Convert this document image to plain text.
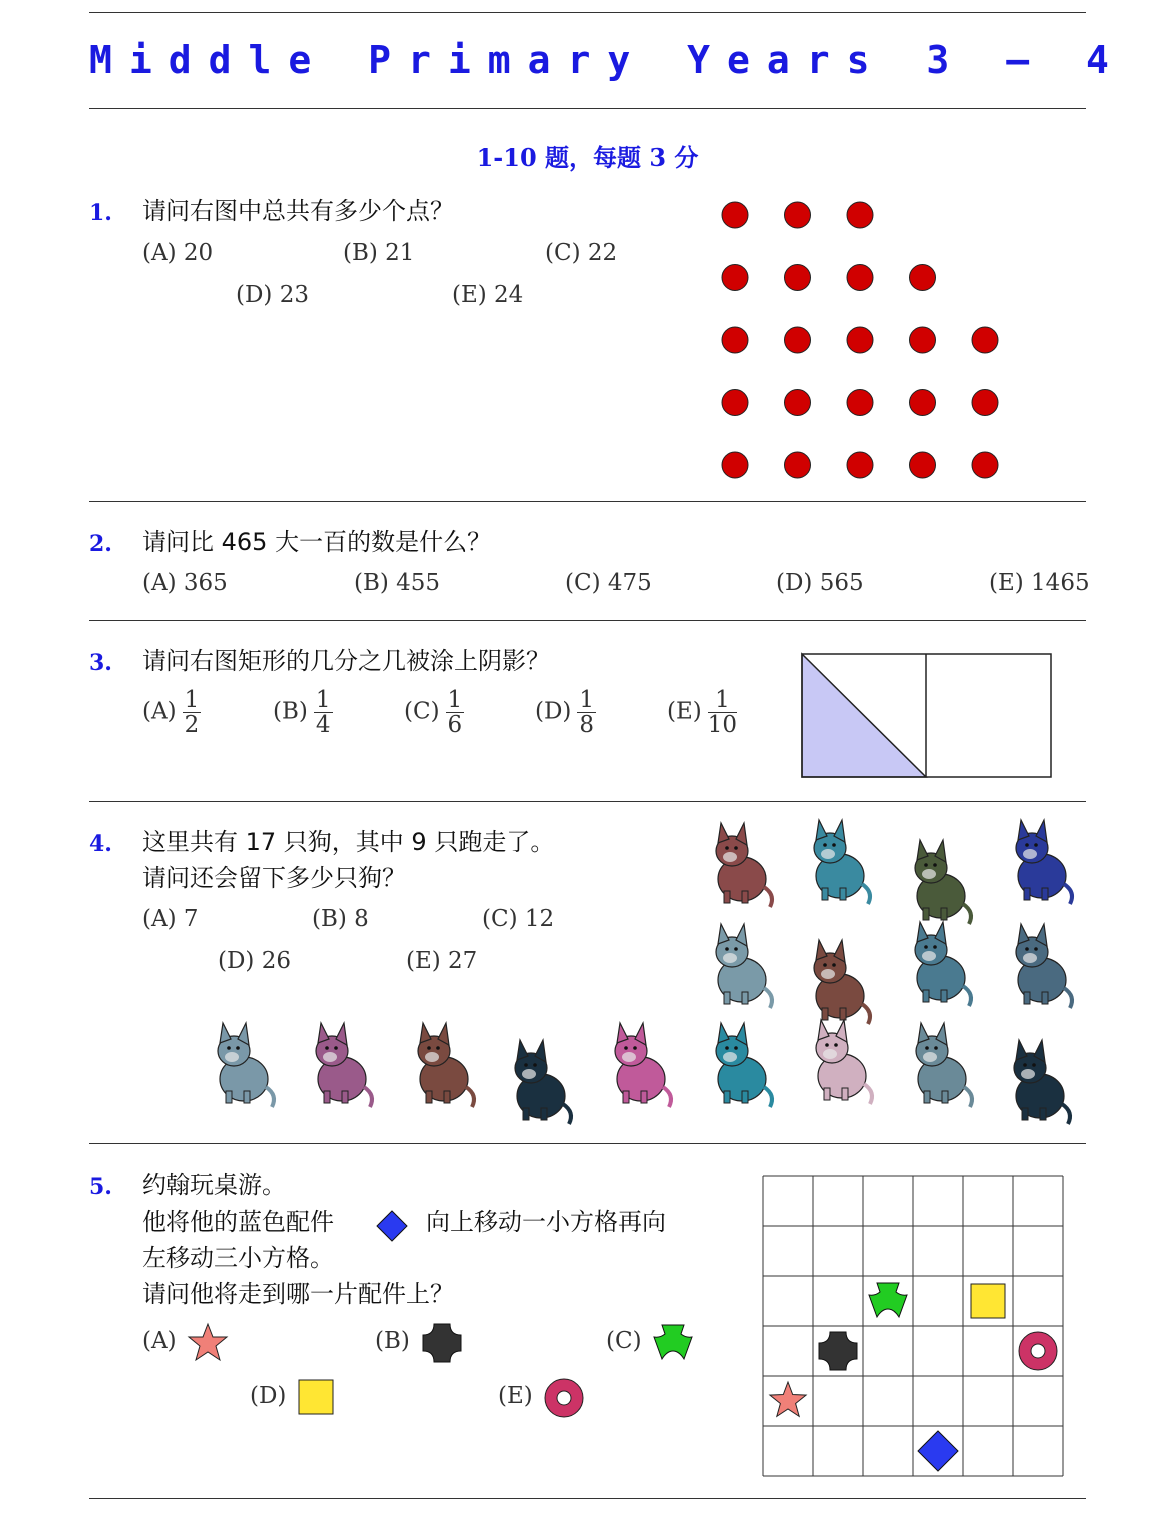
Middle Primary Years 3 – 4
1-10 题，每题 3 分
1. 请问右图中总共有多少个点？
(A) 20	(B) 21	(C) 22
(D) 23	(E) 24
2. 请问比 465 大一百的数是什么？
(A) 365	(B) 455	(C) 475	(D) 565	(E) 1465
3. 请问右图矩形的几分之几被涂上阴影？
$(A) \frac{1}{2}$	$(B) \frac{1}{4}$	$(C) \frac{1}{6}$	$(D) \frac{1}{8}$	$(E) \frac{1}{10}$
4. 这里共有 17 只狗，其中 9 只跑走了。
请问还会留下多少只狗？
(A) 7	(B) 8	(C) 12
(D) 26	(E) 27
5. 约翰玩桌游。
他将他的蓝色配件	向上移动一小方格再向
左移动三小方格。
请问他将走到哪一片配件上？
(A)	(B)	(C)
(D)	(E)
